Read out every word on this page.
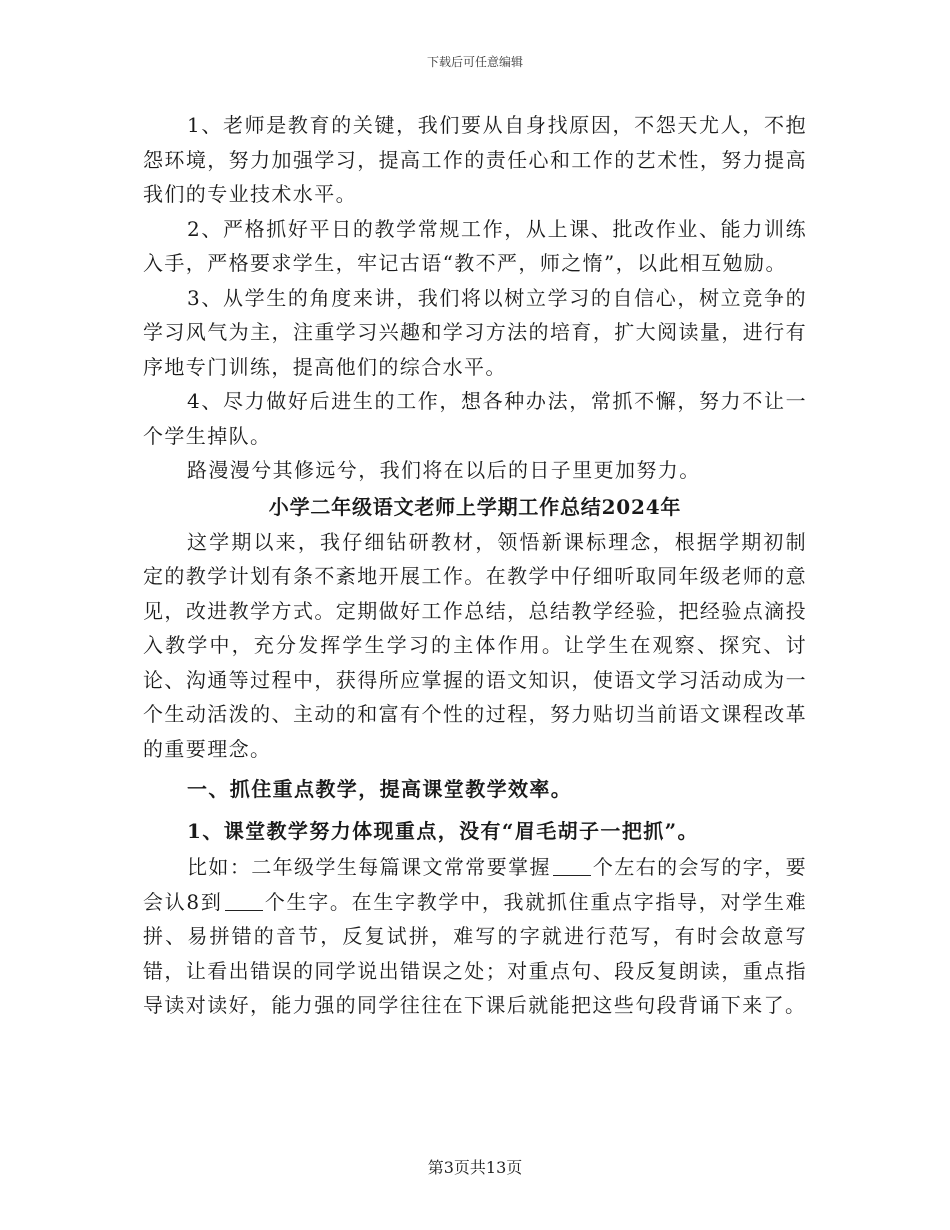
下载后可任意编辑

1、老师是教育的关键，我们要从自身找原因，不怨天尤人，不抱怨环境，努力加强学习，提高工作的责任心和工作的艺术性，努力提高我们的专业技术水平。

2、严格抓好平日的教学常规工作，从上课、批改作业、能力训练入手，严格要求学生，牢记古语“教不严，师之惰”，以此相互勉励。

3、从学生的角度来讲，我们将以树立学习的自信心，树立竞争的学习风气为主，注重学习兴趣和学习方法的培育，扩大阅读量，进行有序地专门训练，提高他们的综合水平。

4、尽力做好后进生的工作，想各种办法，常抓不懈，努力不让一个学生掉队。

路漫漫兮其修远兮，我们将在以后的日子里更加努力。

小学二年级语文老师上学期工作总结2024年

这学期以来，我仔细钻研教材，领悟新课标理念，根据学期初制定的教学计划有条不紊地开展工作。在教学中仔细听取同年级老师的意见，改进教学方式。定期做好工作总结，总结教学经验，把经验点滴投入教学中，充分发挥学生学习的主体作用。让学生在观察、探究、讨论、沟通等过程中，获得所应掌握的语文知识，使语文学习活动成为一个生动活泼的、主动的和富有个性的过程，努力贴切当前语文课程改革的重要理念。

一、抓住重点教学，提高课堂教学效率。

1、课堂教学努力体现重点，没有“眉毛胡子一把抓”。

比如：二年级学生每篇课文常常要掌握 个左右的会写的字，要会认8到 个生字。在生字教学中，我就抓住重点字指导，对学生难拼、易拼错的音节，反复试拼，难写的字就进行范写，有时会故意写错，让看出错误的同学说出错误之处；对重点句、段反复朗读，重点指导读对读好，能力强的同学往往在下课后就能把这些句段背诵下来了。

第3页共13页
